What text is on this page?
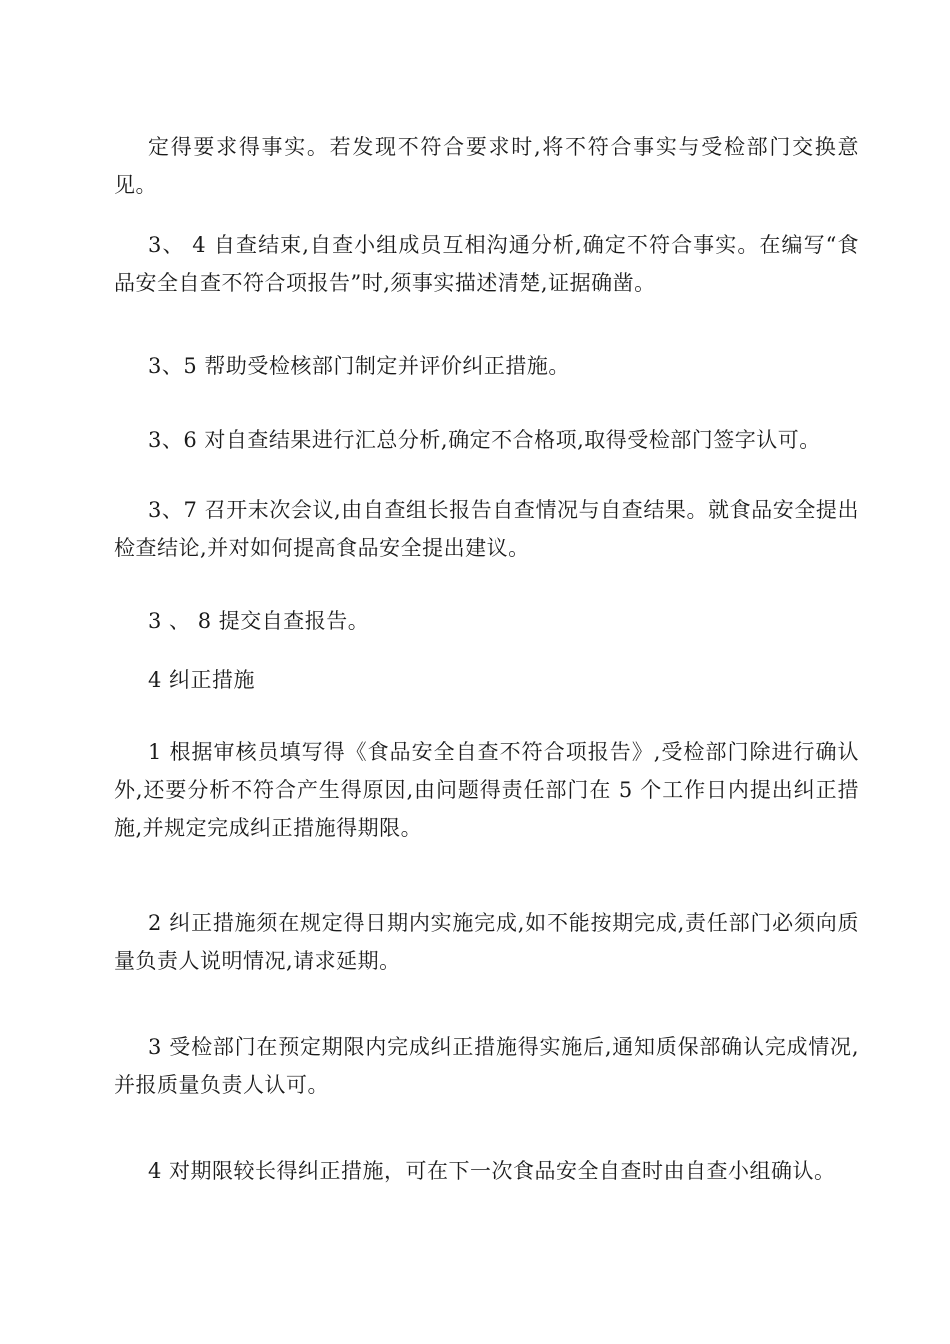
定得要求得事实。若发现不符合要求时,将不符合事实与受检部门交换意见。

3、 4 自查结束,自查小组成员互相沟通分析,确定不符合事实。在编写“食品安全自查不符合项报告”时,须事实描述清楚,证据确凿。

3、5 帮助受检核部门制定并评价纠正措施。

3、6 对自查结果进行汇总分析,确定不合格项,取得受检部门签字认可。

3、7 召开末次会议,由自查组长报告自查情况与自查结果。就食品安全提出检查结论,并对如何提高食品安全提出建议。

3 、 8 提交自查报告。

4 纠正措施

1 根据审核员填写得《食品安全自查不符合项报告》,受检部门除进行确认外,还要分析不符合产生得原因,由问题得责任部门在 5 个工作日内提出纠正措施,并规定完成纠正措施得期限。

2 纠正措施须在规定得日期内实施完成,如不能按期完成,责任部门必须向质量负责人说明情况,请求延期。

3 受检部门在预定期限内完成纠正措施得实施后,通知质保部确认完成情况,并报质量负责人认可。

4 对期限较长得纠正措施，可在下一次食品安全自查时由自查小组确认。
